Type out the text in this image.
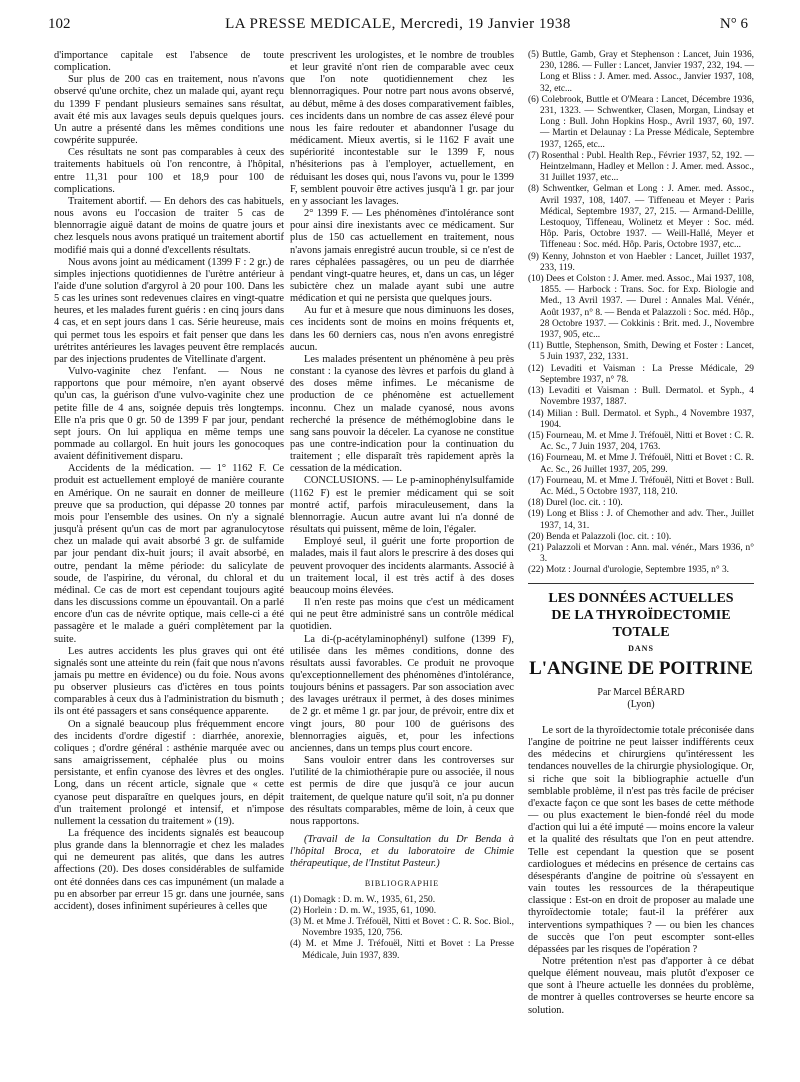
102	LA PRESSE MEDICALE, Mercredi, 19 Janvier 1938	N° 6

d'importance capitale est l'absence de toute complication.

Sur plus de 200 cas en traitement, nous n'avons observé qu'une orchite, chez un malade qui, ayant reçu du 1399 F pendant plusieurs semaines sans résultat, avait été mis aux lavages seuls depuis quelques jours. Un autre a présenté dans les mêmes conditions une cowpérite suppurée.

Ces résultats ne sont pas comparables à ceux des traitements habituels où l'on rencontre, à l'hôpital, entre 11,31 pour 100 et 18,9 pour 100 de complications.

Traitement abortif. — En dehors des cas habituels, nous avons eu l'occasion de traiter 5 cas de blennorragie aiguë datant de moins de quatre jours et chez lesquels nous avons pratiqué un traitement abortif modifié mais qui a donné d'excellents résultats.

Nous avons joint au médicament (1399 F : 2 gr.) de simples injections quotidiennes de l'urètre antérieur à l'aide d'une solution d'argyrol à 20 pour 100. Dans les 5 cas les urines sont redevenues claires en vingt-quatre heures, et les malades furent guéris : en cinq jours dans 4 cas, et en sept jours dans 1 cas. Série heureuse, mais qui permet tous les espoirs et fait penser que dans les urétrites antérieures les lavages peuvent être remplacés par des injections prudentes de Vitellinate d'argent.

Vulvo-vaginite chez l'enfant. — Nous ne rapportons que pour mémoire, n'en ayant observé qu'un cas, la guérison d'une vulvo-vaginite chez une petite fille de 4 ans, soignée depuis très longtemps. Elle n'a pris que 0 gr. 50 de 1399 F par jour, pendant sept jours. On lui appliqua en même temps une pommade au collargol. En huit jours les gonocoques avaient définitivement disparu.

Accidents de la médication. — 1° 1162 F. Ce produit est actuellement employé de manière courante en Amérique. On ne saurait en donner de meilleure preuve que sa production, qui dépasse 20 tonnes par mois pour l'ensemble des usines. On n'y a signalé jusqu'à présent qu'un cas de mort par agranulocytose chez un malade qui avait absorbé 3 gr. de sulfamide par jour pendant dix-huit jours; il avait absorbé, en outre, pendant la même période: du salicylate de soude, de l'aspirine, du véronal, du chloral et du médinal. Ce cas de mort est cependant toujours agité dans les discussions comme un épouvantail. On a parlé encore d'un cas de névrite optique, mais celle-ci a été passagère et le malade a guéri complètement par la suite.

Les autres accidents les plus graves qui ont été signalés sont une atteinte du rein (fait que nous n'avons jamais pu mettre en évidence) ou du foie. Nous avons pu observer plusieurs cas d'ictères en tous points comparables à ceux dus à l'administration du bismuth ; ils ont été passagers et sans conséquence apparente.

On a signalé beaucoup plus fréquemment encore des incidents d'ordre digestif : diarrhée, anorexie, coliques ; d'ordre général : asthénie marquée avec ou sans amaigrissement, céphalée plus ou moins persistante, et enfin cyanose des lèvres et des ongles. Long, dans un récent article, signale que « cette cyanose peut disparaître en quelques jours, en dépit d'un traitement prolongé et intensif, et n'impose nullement la cessation du traitement » (19).

La fréquence des incidents signalés est beaucoup plus grande dans la blennorragie et chez les malades qui ne demeurent pas alités, que dans les autres affections (20). Des doses considérables de sulfamide ont été données dans ces cas impunément (un malade a pu en absorber par erreur 15 gr. dans une journée, sans accident), doses infiniment supérieures à celles que

prescrivent les urologistes, et le nombre de troubles et leur gravité n'ont rien de comparable avec ceux que l'on note quotidiennement chez les blennorragiques. Pour notre part nous avons observé, au début, même à des doses comparativement faibles, ces incidents dans un nombre de cas assez élevé pour nous les faire redouter et abandonner l'usage du médicament. Mieux avertis, si le 1162 F avait une supériorité incontestable sur le 1399 F, nous n'hésiterions pas à l'employer, actuellement, en réduisant les doses qui, nous l'avons vu, pour le 1399 F, semblent pouvoir être actives jusqu'à 1 gr. par jour en y associant les lavages.

2° 1399 F. — Les phénomènes d'intolérance sont pour ainsi dire inexistants avec ce médicament. Sur plus de 150 cas actuellement en traitement, nous n'avons jamais enregistré aucun trouble, si ce n'est de rares céphalées passagères, ou un peu de diarrhée pendant vingt-quatre heures, et, dans un cas, un léger subictère chez un malade ayant subi une autre médication et qui ne persista que quelques jours.

Au fur et à mesure que nous diminuons les doses, ces incidents sont de moins en moins fréquents et, dans les 60 derniers cas, nous n'en avons enregistré aucun.

Les malades présentent un phénomène à peu près constant : la cyanose des lèvres et parfois du gland à des doses même infimes. Le mécanisme de production de ce phénomène est actuellement inconnu. Chez un malade cyanosé, nous avons recherché la présence de méthémoglobine dans le sang sans pouvoir la déceler. La cyanose ne constitue pas une contre-indication pour la continuation du traitement ; elle disparaît très rapidement après la cessation de la médication.

CONCLUSIONS. — Le p-aminophénylsulfamide (1162 F) est le premier médicament qui se soit montré actif, parfois miraculeusement, dans la blennorragie. Aucun autre avant lui n'a donné de résultats qui puissent, même de loin, l'égaler.

Employé seul, il guérit une forte proportion de malades, mais il faut alors le prescrire à des doses qui peuvent provoquer des incidents alarmants. Associé à un traitement local, il est très actif à des doses beaucoup moins élevées.

Il n'en reste pas moins que c'est un médicament qui ne peut être administré sans un contrôle médical quotidien.

La di-(p-acétylaminophényl) sulfone (1399 F), utilisée dans les mêmes conditions, donne des résultats aussi favorables. Ce produit ne provoque qu'exceptionnellement des phénomènes d'intolérance, toujours bénins et passagers. Par son association avec des lavages urétraux il permet, à des doses minimes de 2 gr. et même 1 gr. par jour, de prévoir, entre dix et vingt jours, 80 pour 100 de guérisons des blennorragies aiguës, et, pour les infections anciennes, dans un temps plus court encore.

Sans vouloir entrer dans les controverses sur l'utilité de la chimiothérapie pure ou associée, il nous est permis de dire que jusqu'à ce jour aucun traitement, de quelque nature qu'il soit, n'a pu donner des résultats comparables, même de loin, à ceux que nous rapportons.

(Travail de la Consultation du Dr Benda à l'hôpital Broca, et du laboratoire de Chimie thérapeutique, de l'Institut Pasteur.)

BIBLIOGRAPHIE
(1) Domagk : D. m. W., 1935, 61, 250.
(2) Horlein : D. m. W., 1935, 61, 1090.
(3) M. et Mme J. Tréfouël, Nitti et Bovet : C. R. Soc. Biol., Novembre 1935, 120, 756.
(4) M. et Mme J. Tréfouël, Nitti et Bovet : La Presse Médicale, Juin 1937, 839.
(5) Buttle, Gamb, Gray et Stephenson : Lancet, Juin 1936, 230, 1286. — Fuller : Lancet, Janvier 1937, 232, 194. — Long et Bliss : J. Amer. med. Assoc., Janvier 1937, 108, 32, etc...
(6) Colebrook, Buttle et O'Meara : Lancet, Décembre 1936, 231, 1323. — Schwentker, Clasen, Morgan, Lindsay et Long : Bull. John Hopkins Hosp., Avril 1937, 60, 197. — Martin et Delaunay : La Presse Médicale, Septembre 1937, 1265, etc...
(7) Rosenthal : Publ. Health Rep., Février 1937, 52, 192. — Heintzelmann, Hadley et Mellon : J. Amer. med. Assoc., 31 Juillet 1937, etc...
(8) Schwentker, Gelman et Long : J. Amer. med. Assoc., Avril 1937, 108, 1407. — Tiffeneau et Meyer : Paris Médical, Septembre 1937, 27, 215. — Armand-Delille, Lestoquoy, Tiffeneau, Wolinetz et Meyer : Soc. méd. Hôp. Paris, Octobre 1937. — Weill-Hallé, Meyer et Tiffeneau : Soc. méd. Hôp. Paris, Octobre 1937, etc...
(9) Kenny, Johnston et von Haebler : Lancet, Juillet 1937, 233, 119.
(10) Dees et Colston : J. Amer. med. Assoc., Mai 1937, 108, 1855. — Harbock : Trans. Soc. for Exp. Biologie and Med., 13 Avril 1937. — Durel : Annales Mal. Vénér., Août 1937, n° 8. — Benda et Palazzoli : Soc. méd. Hôp., 28 Octobre 1937. — Cokkinis : Brit. med. J., Novembre 1937, 905, etc...
(11) Buttle, Stephenson, Smith, Dewing et Foster : Lancet, 5 Juin 1937, 232, 1331.
(12) Levaditi et Vaisman : La Presse Médicale, 29 Septembre 1937, n° 78.
(13) Levaditi et Vaisman : Bull. Dermatol. et Syph., 4 Novembre 1937, 1887.
(14) Milian : Bull. Dermatol. et Syph., 4 Novembre 1937, 1904.
(15) Fourneau, M. et Mme J. Tréfouël, Nitti et Bovet : C. R. Ac. Sc., 7 Juin 1937, 204, 1763.
(16) Fourneau, M. et Mme J. Tréfouël, Nitti et Bovet : C. R. Ac. Sc., 26 Juillet 1937, 205, 299.
(17) Fourneau, M. et Mme J. Tréfouël, Nitti et Bovet : Bull. Ac. Méd., 5 Octobre 1937, 118, 210.
(18) Durel (loc. cit. : 10).
(19) Long et Bliss : J. of Chemother and adv. Ther., Juillet 1937, 14, 31.
(20) Benda et Palazzoli (loc. cit. : 10).
(21) Palazzoli et Morvan : Ann. mal. vénér., Mars 1936, n° 3.
(22) Motz : Journal d'urologie, Septembre 1935, n° 3.
LES DONNÉES ACTUELLES
DE LA THYROÏDECTOMIE TOTALE
DANS
L'ANGINE DE POITRINE
Par Marcel BÉRARD
(Lyon)

Le sort de la thyroïdectomie totale préconisée dans l'angine de poitrine ne peut laisser indifférents ceux des médecins et chirurgiens qu'intéressent les tendances nouvelles de la chirurgie physiologique. Or, si riche que soit la bibliographie actuelle d'un semblable problème, il n'est pas très facile de préciser d'exacte façon ce que sont les bases de cette méthode — ou plus exactement le bien-fondé réel du mode d'action qui lui a été imputé — moins encore la valeur et la qualité des résultats que l'on en peut attendre. Telle est cependant la question que se posent cardiologues et médecins en présence de certains cas désespérants d'angine de poitrine où s'essayent en vain toutes les ressources de la thérapeutique classique : Est-on en droit de proposer au malade une thyroïdectomie totale; faut-il la préférer aux interventions sympathiques ? — ou bien les chances de succès que l'on peut escompter sont-elles dépassées par les risques de l'opération ?

Notre prétention n'est pas d'apporter à ce débat quelque élément nouveau, mais plutôt d'exposer ce que sont à l'heure actuelle les données du problème, de montrer à quelles controverses se heurte encore sa solution.
